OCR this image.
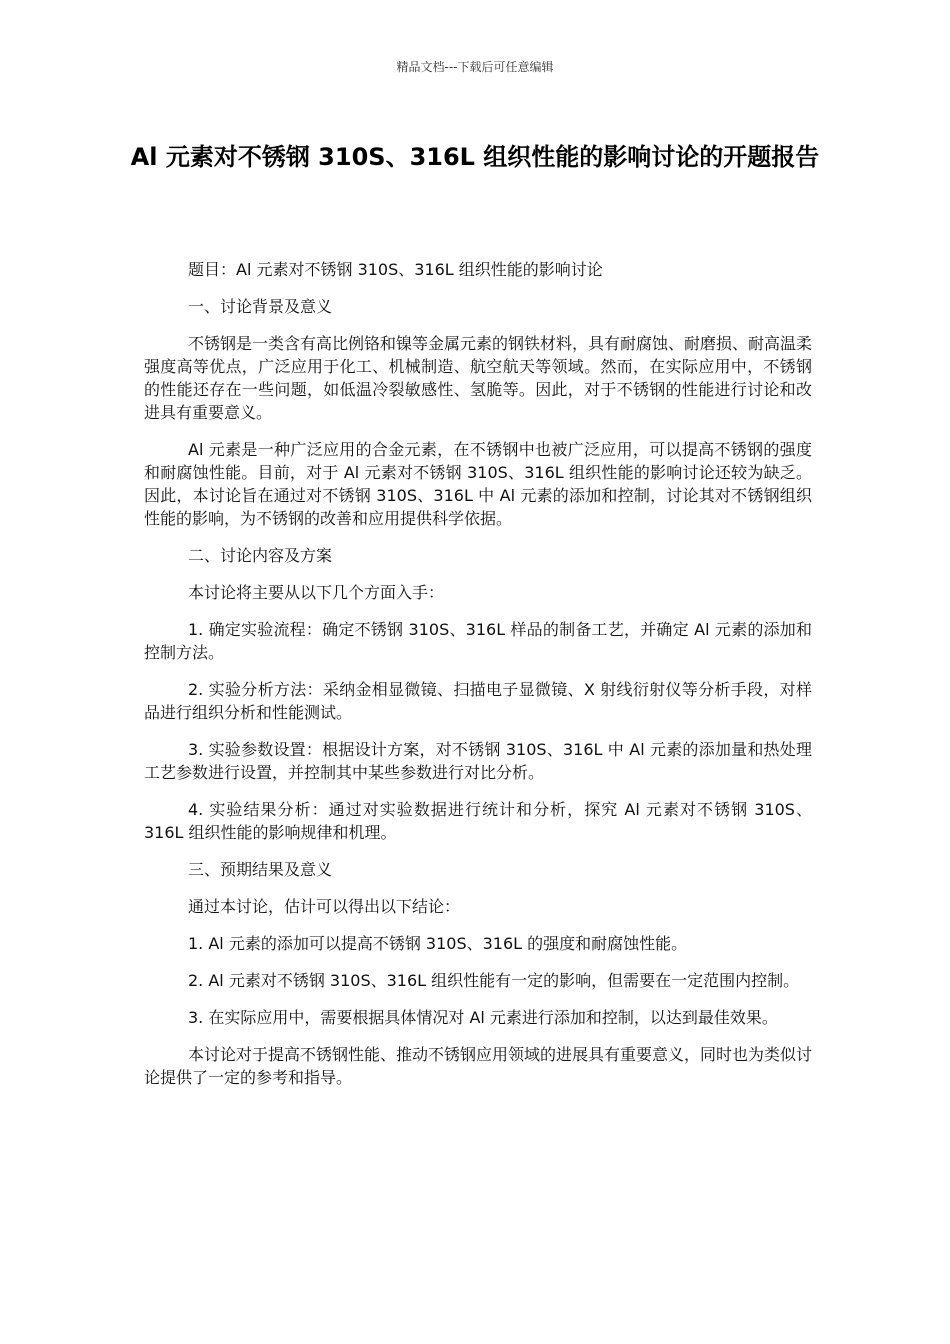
精品文档---下载后可任意编辑
Al 元素对不锈钢 310S、316L 组织性能的影响讨论的开题报告

题目：Al 元素对不锈钢 310S、316L 组织性能的影响讨论

一、讨论背景及意义

不锈钢是一类含有高比例铬和镍等金属元素的钢铁材料，具有耐腐蚀、耐磨损、耐高温柔强度高等优点，广泛应用于化工、机械制造、航空航天等领域。然而，在实际应用中，不锈钢的性能还存在一些问题，如低温冷裂敏感性、氢脆等。因此，对于不锈钢的性能进行讨论和改进具有重要意义。

Al 元素是一种广泛应用的合金元素，在不锈钢中也被广泛应用，可以提高不锈钢的强度和耐腐蚀性能。目前，对于 Al 元素对不锈钢 310S、316L 组织性能的影响讨论还较为缺乏。因此，本讨论旨在通过对不锈钢 310S、316L 中 Al 元素的添加和控制，讨论其对不锈钢组织性能的影响，为不锈钢的改善和应用提供科学依据。

二、讨论内容及方案

本讨论将主要从以下几个方面入手：

1. 确定实验流程：确定不锈钢 310S、316L 样品的制备工艺，并确定 Al 元素的添加和控制方法。

2. 实验分析方法：采纳金相显微镜、扫描电子显微镜、X 射线衍射仪等分析手段，对样品进行组织分析和性能测试。

3. 实验参数设置：根据设计方案，对不锈钢 310S、316L 中 Al 元素的添加量和热处理工艺参数进行设置，并控制其中某些参数进行对比分析。

4. 实验结果分析：通过对实验数据进行统计和分析，探究 Al 元素对不锈钢 310S、316L 组织性能的影响规律和机理。

三、预期结果及意义

通过本讨论，估计可以得出以下结论：

1. Al 元素的添加可以提高不锈钢 310S、316L 的强度和耐腐蚀性能。

2. Al 元素对不锈钢 310S、316L 组织性能有一定的影响，但需要在一定范围内控制。

3. 在实际应用中，需要根据具体情况对 Al 元素进行添加和控制，以达到最佳效果。

本讨论对于提高不锈钢性能、推动不锈钢应用领域的进展具有重要意义，同时也为类似讨论提供了一定的参考和指导。
